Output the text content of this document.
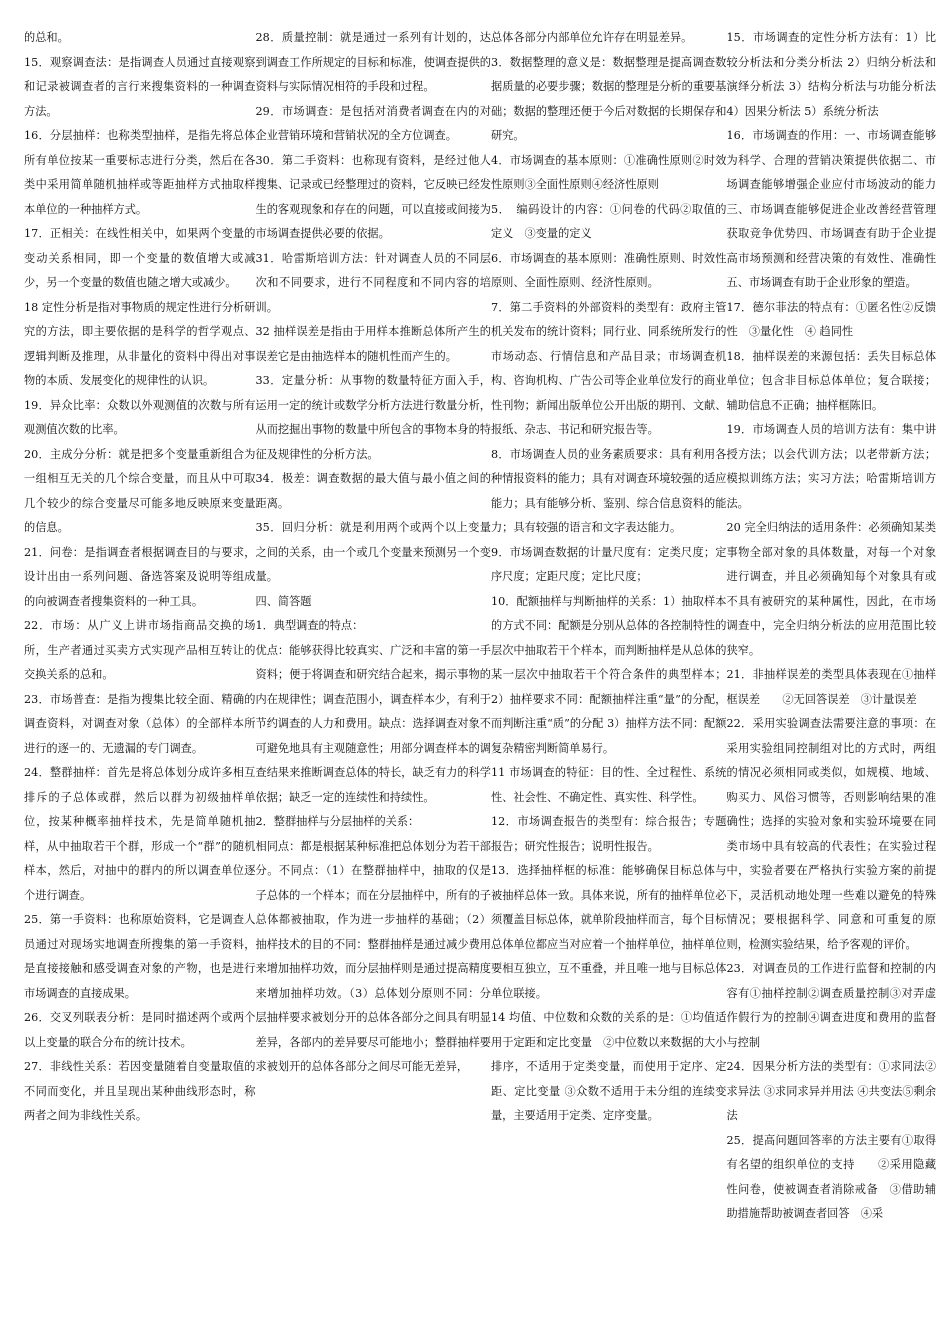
的总和。

15．观察调查法：是指调查人员通过直接观察和记录被调查者的言行来搜集资料的一种调查方法。

16．分层抽样：也称类型抽样，是指先将总体所有单位按某一重要标志进行分类，然后在各类中采用简单随机抽样或等距抽样方式抽取样本单位的一种抽样方式。

17．正相关：在线性相关中，如果两个变量的变动关系相同，即一个变量的数值增大或减少，另一个变量的数值也随之增大或减少。

18 定性分析是指对事物质的规定性进行分析研究的方法，即主要依据的是科学的哲学观点、逻辑判断及推理，从非量化的资料中得出对事物的本质、发展变化的规律性的认识。

19．异众比率：众数以外观测值的次数与所有观测值次数的比率。

20．主成分分析：就是把多个变量重新组合为一组相互无关的几个综合变量，而且从中可取几个较少的综合变量尽可能多地反映原来变量的信息。

21．问卷：是指调查者根据调查目的与要求，设计出由一系列问题、备选答案及说明等组成的向被调查者搜集资料的一种工具。

22．市场：从广义上讲市场指商品交换的场所，生产者通过买卖方式实现产品相互转让的交换关系的总和。

23．市场普查：是指为搜集比较全面、精确的调查资料，对调查对象（总体）的全部样本所进行的逐一的、无遗漏的专门调查。

24．整群抽样：首先是将总体划分成许多相互排斥的子总体或群，然后以群为初级抽样单位，按某种概率抽样技术，先是简单随机抽样，从中抽取若干个群，形成一个“群”的随机样本，然后，对抽中的群内的所以调查单位逐个进行调查。

25．第一手资料：也称原始资料，它是调查人员通过对现场实地调查所搜集的第一手资料，是直接接触和感受调查对象的产物，也是进行市场调查的直接成果。

26．交叉列联表分析：是同时描述两个或两个以上变量的联合分布的统计技术。

27．非线性关系：若因变量随着自变量取值的不同而变化，并且呈现出某种曲线形态时，称两者之间为非线性关系。

28．质量控制：就是通过一系列有计划的，达到调查工作所规定的目标和标准，使调查提供的资料与实际情况相符的手段和过程。

29．市场调查：是包括对消费者调查在内的对企业营销环境和营销状况的全方位调查。

30．第二手资料：也称现有资料，是经过他人搜集、记录或已经整理过的资料，它反映已经发生的客观现象和存在的问题，可以直接或间接为市场调查提供必要的依据。

31．哈雷斯培训方法：针对调查人员的不同层次和不同要求，进行不同程度和不同内容的培训。

32 抽样误差是指由于用样本推断总体所产生的误差它是由抽选样本的随机性而产生的。

33．定量分析：从事物的数量特征方面入手，运用一定的统计或数学分析方法进行数量分析，从而挖掘出事物的数量中所包含的事物本身的特征及规律性的分析方法。

34．极差：调查数据的最大值与最小值之间的距离。

35．回归分析：就是利用两个或两个以上变量之间的关系，由一个或几个变量来预测另一个变量。

四、简答题

1．典型调查的特点：

优点：能够获得比较真实、广泛和丰富的第一手资料；便于将调查和研究结合起来，揭示事物的内在规律性；调查范围小，调查样本少，有利于节约调查的人力和费用。缺点：选择调查对象不可避免地具有主观随意性；用部分调查样本的调查结果来推断调查总体的特长，缺乏有力的科学依据；缺乏一定的连续性和持续性。

2．整群抽样与分层抽样的关系：

相同点：都是根据某种标准把总体划分为若干部分。不同点：（1）在整群抽样中，抽取的仅是子总体的一个样本；而在分层抽样中，所有的子总体都被抽取，作为进一步抽样的基础；（2）抽样技术的目的不同：整群抽样是通过减少费用来增加抽样功效，而分层抽样则是通过提高精度来增加抽样功效。（3）总体划分原则不同：分层抽样要求被划分开的总体各部分之间具有明显差异，各部内的差异要尽可能地小；整群抽样要求被划开的总体各部分之间尽可能无差异，

总体各部分内部单位允许存在明显差异。

3．数据整理的意义是：数据整理是提高调查数据质量的必要步骤；数据的整理是分析的重要基础；数据的整理还便于今后对数据的长期保存和研究。

4．市场调查的基本原则：①准确性原则②时效性原则③全面性原则④经济性原则

5．　编码设计的内容：①问卷的代码②取值的定义　③变量的定义

6．市场调查的基本原则：准确性原则、时效性原则、全面性原则、经济性原则。

7．第二手资料的外部资料的类型有：政府主管机关发布的统计资料；同行业、同系统所发行的市场动态、行情信息和产品目录；市场调查机构、咨询机构、广告公司等企业单位发行的商业性刊物；新闻出版单位公开出版的期刊、文献、报纸、杂志、书记和研究报告等。

8．市场调查人员的业务素质要求：具有利用各种情报资料的能力；具有对调查环境较强的适应能力；具有能够分析、鉴别、综合信息资料的能力；具有较强的语言和文字表达能力。

9．市场调查数据的计量尺度有：定类尺度；定序尺度；定距尺度；定比尺度；

10．配额抽样与判断抽样的关系：1）抽取样本的方式不同：配额是分别从总体的各控制特性的层次中抽取若干个样本，而判断抽样是从总体的某一层次中抽取若干个符合条件的典型样本；2）抽样要求不同：配额抽样注重“量”的分配，而判断注重“质”的分配 3）抽样方法不同：配额复杂精密判断简单易行。

11 市场调查的特征：目的性、全过程性、系统性、社会性、不确定性、真实性、科学性。

12．市场调查报告的类型有：综合报告；专题报告；研究性报告；说明性报告。

13．选择抽样框的标准：能够确保目标总体与被抽样总体一致。具体来说，所有的抽样单位必须覆盖目标总体，就单阶段抽样而言，每个目标总体单位都应当对应着一个抽样单位，抽样单位要相互独立，互不重叠，并且唯一地与目标总体单位联接。

14 均值、中位数和众数的关系的是：①均值适用于定距和定比变量　②中位数以来数据的大小排序，不适用于定类变量，而使用于定序、定距、定比变量 ③众数不适用于未分组的连续变量，主要适用于定类、定序变量。

15．市场调查的定性分析方法有：1）比较分析法和分类分析法 2）归纳分析法和演绎分析法 3）结构分析法与功能分析法 4）因果分析法 5）系统分析法

16．市场调查的作用：一、市场调查能够为科学、合理的营销决策提供依据二、市场调查能够增强企业应付市场波动的能力三、市场调查能够促进企业改善经营管理获取竞争优势四、市场调查有助于企业提高市场预测和经营决策的有效性、准确性五、市场调查有助于企业形象的塑造。

17．德尔菲法的特点有：①匿名性②反馈性　③量化性　④ 趋同性

18．抽样误差的来源包括：丢失目标总体单位；包含非目标总体单位；复合联接；辅助信息不正确；抽样框陈旧。

19．市场调查人员的培训方法有：集中讲授方法；以会代训方法；以老带新方法；模拟训练方法；实习方法；哈雷斯培训方法。

20 完全归纳法的适用条件：必须确知某类事物全部对象的具体数量，对每一个对象进行调查，并且必须确知每个对象具有或不具有被研究的某种属性，因此，在市场调查中，完全归纳分析法的应用范围比较狭窄。

21．非抽样误差的类型具体表现在①抽样框误差　　②无回答误差　③计量误差

22．采用实验调查法需要注意的事项：在采用实验组同控制组对比的方式时，两组的情况必须相同或类似，如规模、地域、购买力、风俗习惯等，否则影响结果的准确性；选择的实验对象和实验环境要在同类市场中具有较高的代表性；在实验过程中，实验者要在严格执行实验方案的前提下，灵活机动地处理一些难以避免的特殊情况；要根据科学、同意和可重复的原则，检测实验结果，给予客观的评价。

23．对调查员的工作进行监督和控制的内容有①抽样控制②调查质量控制③对弄虚作假行为的控制④调查进度和费用的监督与控制

24．因果分析方法的类型有：①求同法②求异法 ③求同求异并用法 ④共变法⑤剩余法

25．提高问题回答率的方法主要有①取得有名望的组织单位的支持　　②采用隐藏性问卷，使被调查者消除戒备　③借助辅助措施帮助被调查者回答　④采
